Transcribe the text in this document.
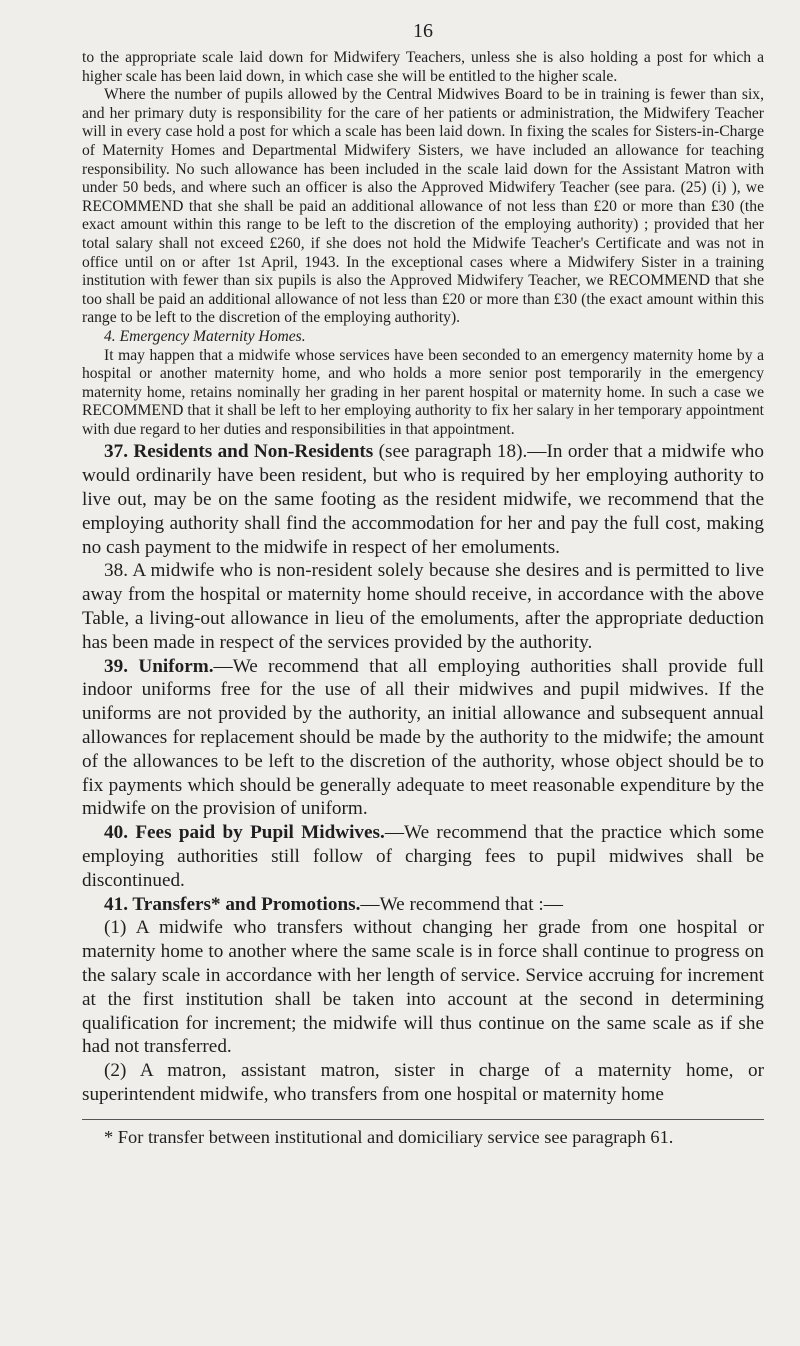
16

to the appropriate scale laid down for Midwifery Teachers, unless she is also holding a post for which a higher scale has been laid down, in which case she will be entitled to the higher scale.

Where the number of pupils allowed by the Central Midwives Board to be in training is fewer than six, and her primary duty is responsibility for the care of her patients or administration, the Midwifery Teacher will in every case hold a post for which a scale has been laid down. In fixing the scales for Sisters-in-Charge of Maternity Homes and Departmental Midwifery Sisters, we have included an allowance for teaching responsibility. No such allowance has been included in the scale laid down for the Assistant Matron with under 50 beds, and where such an officer is also the Approved Midwifery Teacher (see para. (25) (i) ), we RECOMMEND that she shall be paid an additional allowance of not less than £20 or more than £30 (the exact amount within this range to be left to the discretion of the employing authority) ; provided that her total salary shall not exceed £260, if she does not hold the Midwife Teacher's Certificate and was not in office until on or after 1st April, 1943. In the exceptional cases where a Midwifery Sister in a training institution with fewer than six pupils is also the Approved Midwifery Teacher, we RECOMMEND that she too shall be paid an additional allowance of not less than £20 or more than £30 (the exact amount within this range to be left to the discretion of the employing authority).

4. Emergency Maternity Homes.

It may happen that a midwife whose services have been seconded to an emergency maternity home by a hospital or another maternity home, and who holds a more senior post temporarily in the emergency maternity home, retains nominally her grading in her parent hospital or maternity home. In such a case we RECOMMEND that it shall be left to her employing authority to fix her salary in her temporary appointment with due regard to her duties and responsibilities in that appointment.

37. Residents and Non-Residents (see paragraph 18).—In order that a midwife who would ordinarily have been resident, but who is required by her employing authority to live out, may be on the same footing as the resident midwife, we recommend that the employing authority shall find the accommodation for her and pay the full cost, making no cash payment to the midwife in respect of her emoluments.

38. A midwife who is non-resident solely because she desires and is permitted to live away from the hospital or maternity home should receive, in accordance with the above Table, a living-out allowance in lieu of the emoluments, after the appropriate deduction has been made in respect of the services provided by the authority.

39. Uniform.—We recommend that all employing authorities shall provide full indoor uniforms free for the use of all their midwives and pupil midwives. If the uniforms are not provided by the authority, an initial allowance and subsequent annual allowances for replacement should be made by the authority to the midwife; the amount of the allowances to be left to the discretion of the authority, whose object should be to fix payments which should be generally adequate to meet reasonable expenditure by the midwife on the provision of uniform.

40. Fees paid by Pupil Midwives.—We recommend that the practice which some employing authorities still follow of charging fees to pupil midwives shall be discontinued.

41. Transfers* and Promotions.—We recommend that :—

(1) A midwife who transfers without changing her grade from one hospital or maternity home to another where the same scale is in force shall continue to progress on the salary scale in accordance with her length of service. Service accruing for increment at the first institution shall be taken into account at the second in determining qualification for increment; the midwife will thus continue on the same scale as if she had not transferred.

(2) A matron, assistant matron, sister in charge of a maternity home, or superintendent midwife, who transfers from one hospital or maternity home

* For transfer between institutional and domiciliary service see paragraph 61.
